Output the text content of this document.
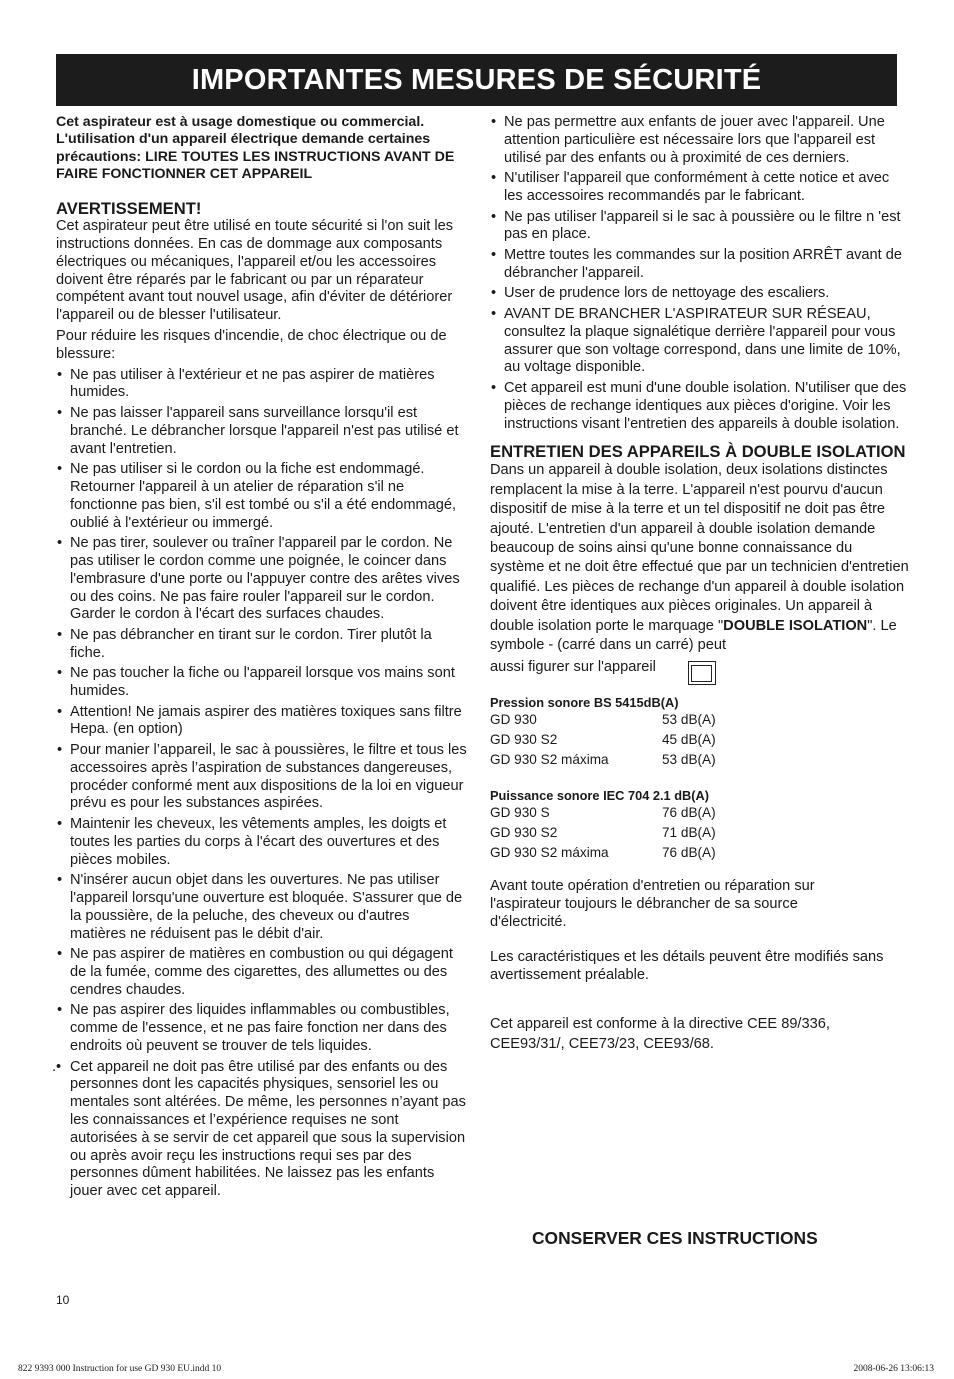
IMPORTANTES MESURES DE SÉCURITÉ

Cet aspirateur est à usage domestique ou commercial. L'utilisation d'un appareil électrique demande certaines précautions: LIRE TOUTES LES INSTRUCTIONS AVANT DE FAIRE FONCTIONNER CET APPAREIL

AVERTISSEMENT!

Cet aspirateur peut être utilisé en toute sécurité si l'on suit les instructions données. En cas de dommage aux composants électriques ou mécaniques, l'appareil et/ou les accessoires doivent être réparés par le fabricant ou par un réparateur compétent avant tout nouvel usage, afin d'éviter de détériorer l'appareil ou de blesser l'utilisateur.

Pour réduire les risques d'incendie, de choc électrique ou de blessure:

• Ne pas utiliser à l'extérieur et ne pas aspirer de matières humides.
• Ne pas laisser l'appareil sans surveillance lorsqu'il est branché. Le débrancher lorsque l'appareil n'est pas utilisé et avant l'entretien.
• Ne pas utiliser si le cordon ou la fiche est endommagé. Retourner l'appareil à un atelier de réparation s'il ne fonctionne pas bien, s'il est tombé ou s'il a été endommagé, oublié à l'extérieur ou immergé.
• Ne pas tirer, soulever ou traîner l'appareil par le cordon. Ne pas utiliser le cordon comme une poignée, le coincer dans l'embrasure d'une porte ou l'appuyer contre des arêtes vives ou des coins. Ne pas faire rouler l'appareil sur le cordon. Garder le cordon à l'écart des surfaces chaudes.
• Ne pas débrancher en tirant sur le cordon. Tirer plutôt la fiche.
• Ne pas toucher la fiche ou l'appareil lorsque vos mains sont humides.
• Attention! Ne jamais aspirer des matières toxiques sans filtre Hepa. (en option)
• Pour manier l’appareil, le sac à poussières, le filtre et tous les accessoires après l’aspiration de substances dangereuses, procéder conformé ment aux dispositions de la loi en vigueur prévu es pour les substances aspirées.
• Maintenir les cheveux, les vêtements amples, les doigts et toutes les parties du corps à l'écart des ouvertures et des pièces mobiles.
• N'insérer aucun objet dans les ouvertures. Ne pas utiliser l'appareil lorsqu'une ouverture est bloquée. S'assurer que de la poussière, de la peluche, des cheveux ou d'autres matières ne réduisent pas le débit d'air.
• Ne pas aspirer de matières en combustion ou qui dégagent de la fumée, comme des cigarettes, des allumettes ou des cendres chaudes.
• Ne pas aspirer des liquides inflammables ou combustibles, comme de l'essence, et ne pas faire fonction ner dans des endroits où peuvent se trouver de tels liquides.
.• Cet appareil ne doit pas être utilisé par des enfants ou des personnes dont les capacités physiques, sensoriel les ou mentales sont altérées. De même, les personnes n’ayant pas les connaissances et l’expérience requises ne sont autorisées à se servir de cet appareil que sous la supervision ou après avoir reçu les instructions requi ses par des personnes dûment habilitées. Ne laissez pas les enfants jouer avec cet appareil.
• Ne pas permettre aux enfants de jouer avec l'appareil. Une attention particulière est nécessaire lors que l'appareil est utilisé par des enfants ou à proximité de ces derniers.
• N'utiliser l'appareil que conformément à cette notice et avec les accessoires recommandés par le fabricant.
• Ne pas utiliser l'appareil si le sac à poussière ou le filtre n 'est pas en place.
• Mettre toutes les commandes sur la position ARRÊT avant de débrancher l'appareil.
• User de prudence lors de nettoyage des escaliers.
• AVANT DE BRANCHER L'ASPIRATEUR SUR RÉSEAU, consultez la plaque signalétique derrière l'appareil pour vous assurer que son voltage correspond, dans une limite de 10%, au voltage disponible.
• Cet appareil est muni d'une double isolation. N'utiliser que des pièces de rechange identiques aux pièces d'origine. Voir les instructions visant l'entretien des appareils à double isolation.
ENTRETIEN DES APPAREILS À DOUBLE ISOLATION

Dans un appareil à double isolation, deux isolations distinctes remplacent la mise à la terre. L'appareil n'est pourvu d'aucun dispositif de mise à la terre et un tel dispositif ne doit pas être ajouté. L'entretien d'un appareil à double isolation demande beaucoup de soins ainsi qu'une bonne connaissance du système et ne doit être effectué que par un technicien d'entretien qualifié. Les pièces de rechange d'un appareil à double isolation doivent être identiques aux pièces originales. Un appareil à double isolation porte le marquage "DOUBLE ISOLATION". Le symbole - (carré dans un carré) peut

aussi figurer sur l'appareil
Pression sonore BS 5415dB(A)
GD 930	53 dB(A)
GD 930 S2	45 dB(A)
GD 930 S2 máxima	53 dB(A)
Puissance sonore IEC 704 2.1 dB(A)
GD 930 S	76 dB(A)
GD 930 S2	71 dB(A)
GD 930 S2 máxima	76 dB(A)

Avant toute opération d'entretien ou réparation sur l'aspirateur toujours le débrancher de sa source d'électricité.

Les caractéristiques et les détails peuvent être modifiés sans avertissement préalable.

Cet appareil est conforme à la directive CEE 89/336, CEE93/31/, CEE73/23, CEE93/68.

CONSERVER CES INSTRUCTIONS
10
822 9393 000 Instruction for use GD 930 EU.indd 10	2008-06-26 13:06:13
